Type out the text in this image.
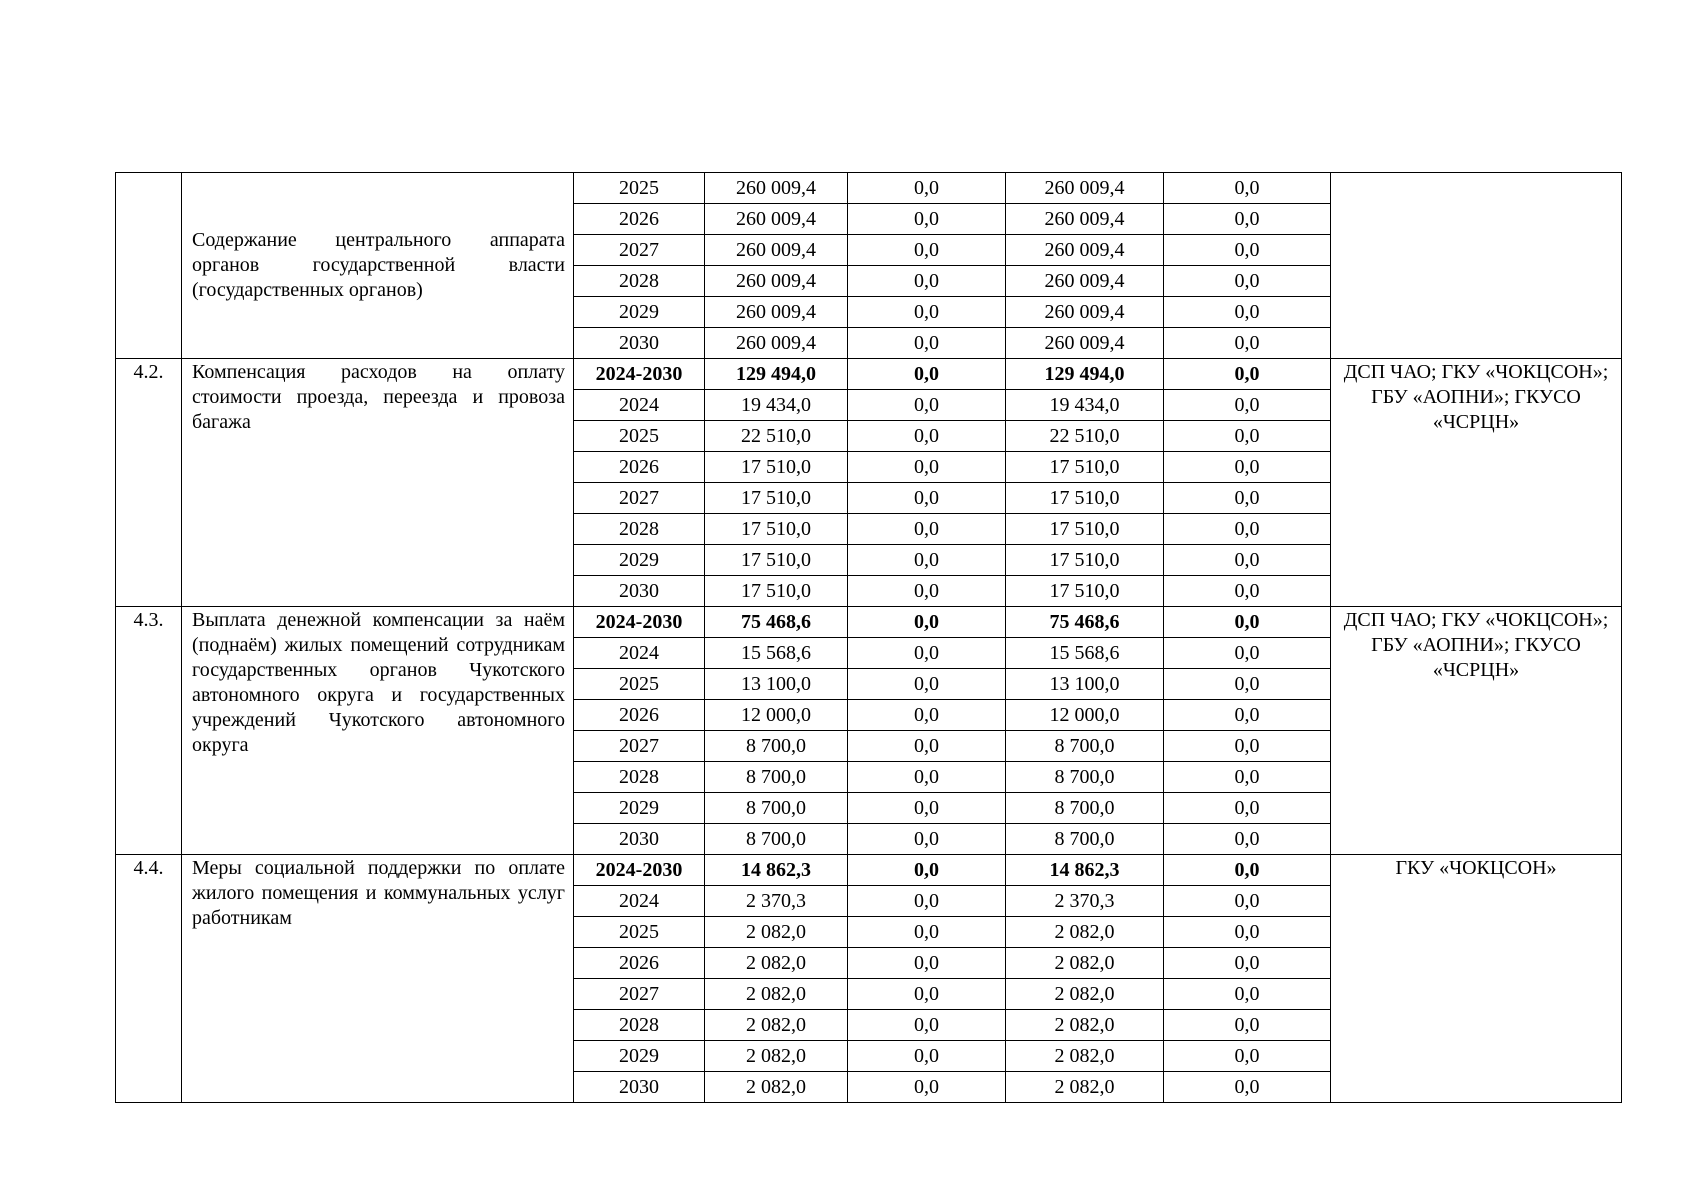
	Содержание центрального аппарата органов государственной власти (государственных органов)	2025	260 009,4	0,0	260 009,4	0,0	
		2026	260 009,4	0,0	260 009,4	0,0	
		2027	260 009,4	0,0	260 009,4	0,0	
		2028	260 009,4	0,0	260 009,4	0,0	
		2029	260 009,4	0,0	260 009,4	0,0	
		2030	260 009,4	0,0	260 009,4	0,0	
4.2.	Компенсация расходов на оплату стоимости проезда, переезда и провоза багажа	2024-2030	129 494,0	0,0	129 494,0	0,0	ДСП ЧАО; ГКУ «ЧОКЦСОН»; ГБУ «АОПНИ»; ГКУСО «ЧСРЦН»
		2024	19 434,0	0,0	19 434,0	0,0	
		2025	22 510,0	0,0	22 510,0	0,0	
		2026	17 510,0	0,0	17 510,0	0,0	
		2027	17 510,0	0,0	17 510,0	0,0	
		2028	17 510,0	0,0	17 510,0	0,0	
		2029	17 510,0	0,0	17 510,0	0,0	
		2030	17 510,0	0,0	17 510,0	0,0	
4.3.	Выплата денежной компенсации за наём (поднаём) жилых помещений сотрудникам государственных органов Чукотского автономного округа и государственных учреждений Чукотского автономного округа	2024-2030	75 468,6	0,0	75 468,6	0,0	ДСП ЧАО; ГКУ «ЧОКЦСОН»; ГБУ «АОПНИ»; ГКУСО «ЧСРЦН»
		2024	15 568,6	0,0	15 568,6	0,0	
		2025	13 100,0	0,0	13 100,0	0,0	
		2026	12 000,0	0,0	12 000,0	0,0	
		2027	8 700,0	0,0	8 700,0	0,0	
		2028	8 700,0	0,0	8 700,0	0,0	
		2029	8 700,0	0,0	8 700,0	0,0	
		2030	8 700,0	0,0	8 700,0	0,0	
4.4.	Меры социальной поддержки по оплате жилого помещения и коммунальных услуг работникам	2024-2030	14 862,3	0,0	14 862,3	0,0	ГКУ «ЧОКЦСОН»
		2024	2 370,3	0,0	2 370,3	0,0	
		2025	2 082,0	0,0	2 082,0	0,0	
		2026	2 082,0	0,0	2 082,0	0,0	
		2027	2 082,0	0,0	2 082,0	0,0	
		2028	2 082,0	0,0	2 082,0	0,0	
		2029	2 082,0	0,0	2 082,0	0,0	
		2030	2 082,0	0,0	2 082,0	0,0	
